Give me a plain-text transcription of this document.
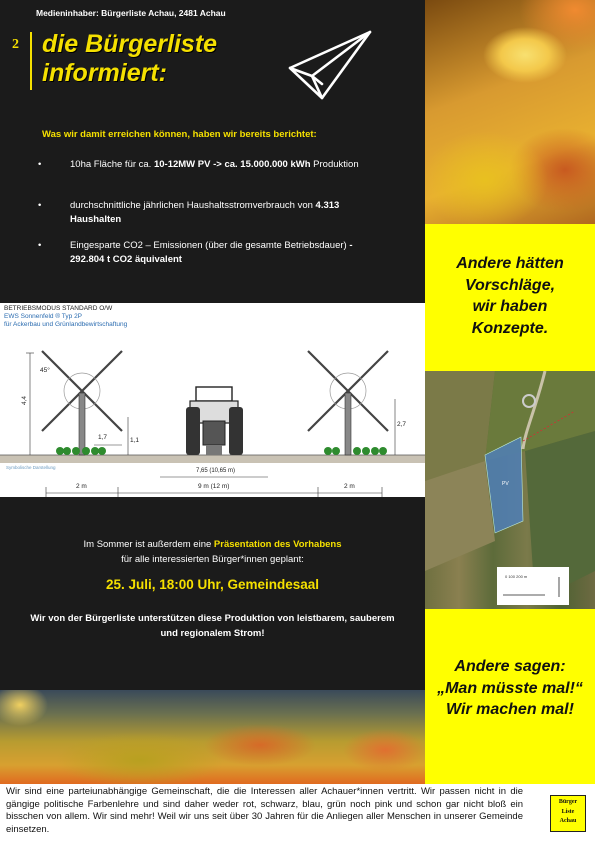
Medieninhaber: Bürgerliste Achau, 2481 Achau
2 die Bürgerliste
informiert:
Was wir damit erreichen können, haben wir bereits berichtet:
•	10ha Fläche für ca. 10-12MW PV -> ca. 15.000.000 kWh Produktion
•	durchschnittliche jährlichen Haushaltsstromverbrauch von 4.313 Haushalten
•	Eingesparte CO2 – Emissionen (über die gesamte Betriebsdauer) - 292.804 t CO2 äquivalent
BETRIEBSMODUS STANDARD O/W
EWS Sonnenfeld ® Typ 2P
für Ackerbau und Grünlandbewirtschaftung
4,4
45°
1,7	1,1
2,7
7,65 (10,65 m)
9 m (12 m)
2 m	2 m
Symbolische Darstellung
Im Sommer ist außerdem eine Präsentation des Vorhabens
für alle interessierten Bürger*innen geplant:
25. Juli, 18:00 Uhr, Gemeindesaal
Wir von der Bürgerliste unterstützen diese Produktion von leistbarem, sauberem und regionalem Strom!
Andere hätten
Vorschläge,
wir haben
Konzepte.
PV
0 100 200 m
Andere sagen:
„Man müsste mal!“
Wir machen mal!
Wir sind eine parteiunabhängige Gemeinschaft, die die Interessen aller Achauer*innen vertritt. Wir passen nicht in die gängige politische Farbenlehre und sind daher weder rot, schwarz, blau, grün noch pink und schon gar nicht bloß ein bisschen von allem. Wir sind mehr! Weil wir uns seit über 30 Jahren für die Anliegen aller Menschen in unserer Gemeinde einsetzen.
Bürger
Liste
Achau
